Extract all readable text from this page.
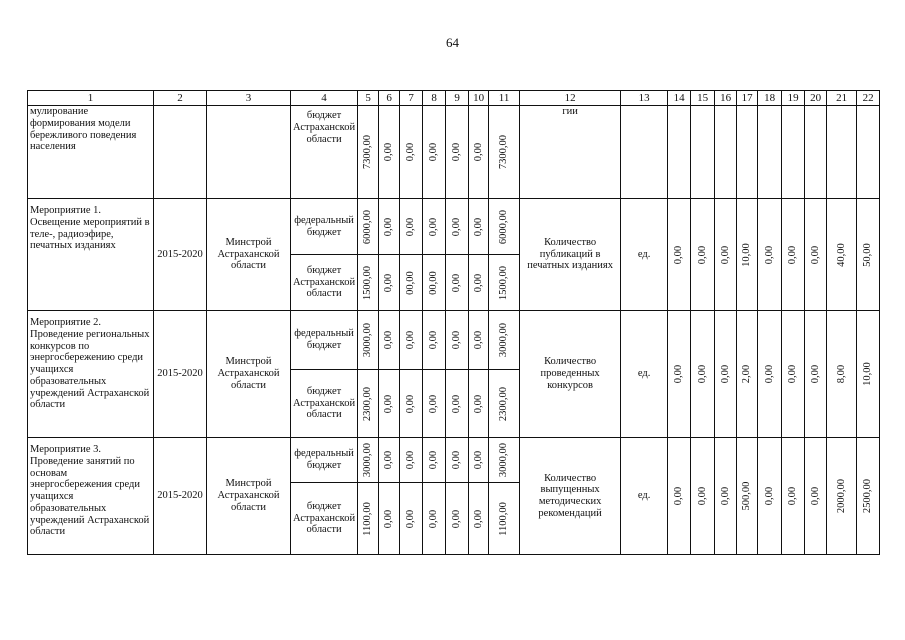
64
1	2	3	4	5	6	7	8	9	10	11	12	13	14	15	16	17	18	19	20	21	22
мулирование формирования модели бережливого поведения населения			бюджет Астраханской области	7300,00	0,00	0,00	0,00	0,00	0,00	7300,00	гии										
Мероприятие 1. Освещение мероприятий в теле-, радиоэфире, печатных изданиях	2015-2020	Минстрой Астраханской области	федеральный бюджет	6000,00	0,00	0,00	0,00	0,00	0,00	6000,00	Количество публикаций в печатных изданиях	ед.	0,00	0,00	0,00	10,00	0,00	0,00	0,00	40,00	50,00

			бюджет Астраханской области	1500,00	0,00	00,00	00,00	0,00	0,00	1500,00											

Мероприятие 2. Проведение региональных конкурсов по энергосбережению среди учащихся образовательных учреждений Астраханской области	2015-2020	Минстрой Астраханской области	федеральный бюджет	3000,00	0,00	0,00	0,00	0,00	0,00	3000,00	Количество проведенных конкурсов	ед.	0,00	0,00	0,00	2,00	0,00	0,00	0,00	8,00	10,00

			бюджет Астраханской области	2300,00	0,00	0,00	0,00	0,00	0,00	2300,00											

Мероприятие 3. Проведение занятий по основам энергосбережения среди учащихся образовательных учреждений Астраханской области	2015-2020	Минстрой Астраханской области	федеральный бюджет	3000,00	0,00	0,00	0,00	0,00	0,00	3000,00	Количество выпущенных методических рекомендаций	ед.	0,00	0,00	0,00	500,00	0,00	0,00	0,00	2000,00	2500,00

			бюджет Астраханской области	1100,00	0,00	0,00	0,00	0,00	0,00	1100,00											
